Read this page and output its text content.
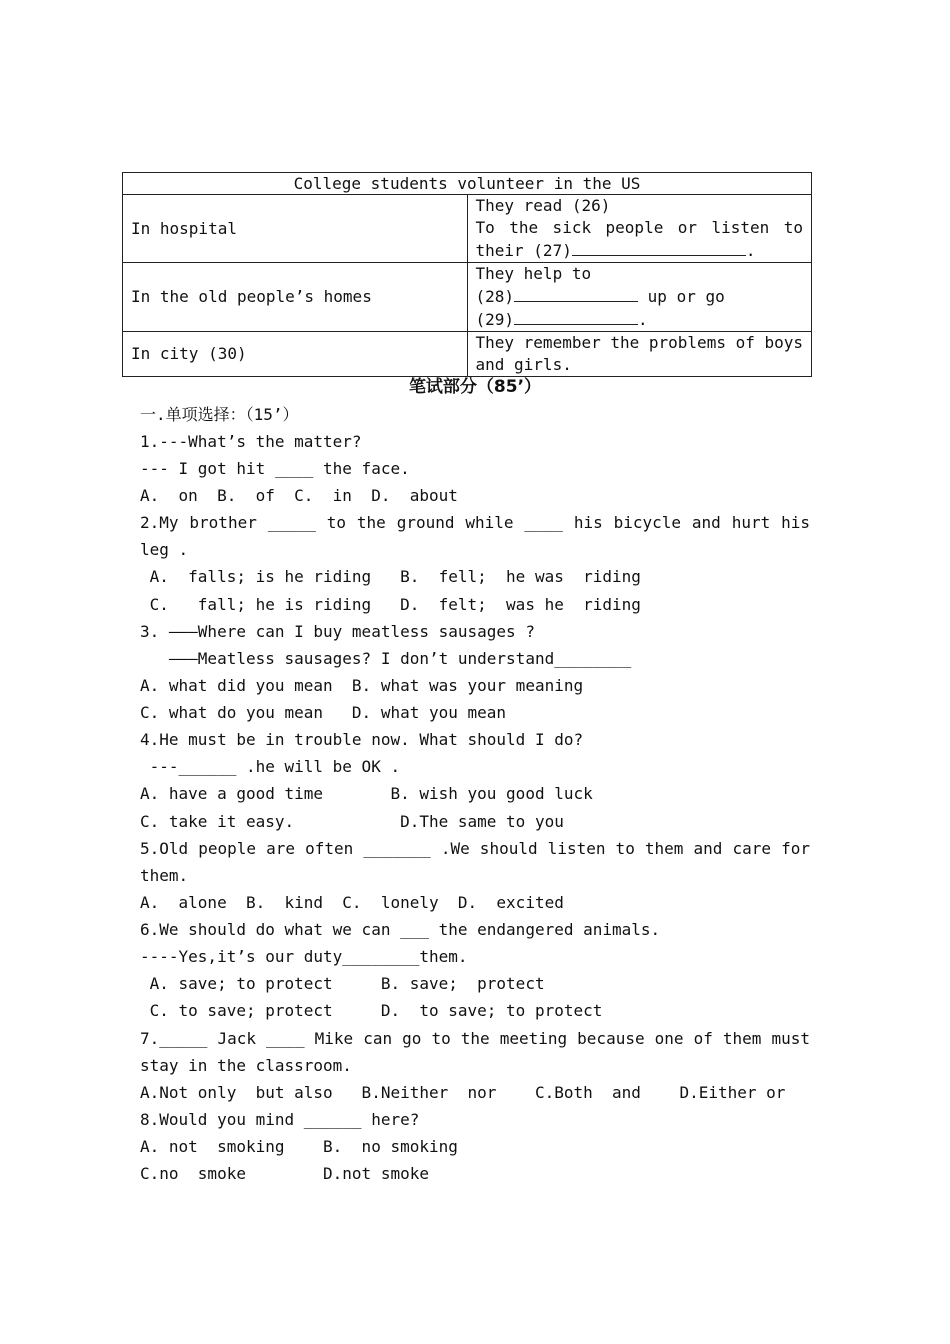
College students volunteer in the US	
In hospital	They read (26)
To the sick people or listen to
their (27) .

In the old people’s homes	They help to
(28) up or go
(29) .

In city (30)	They remember the problems of boys
and girls.
笔试部分（85’）
一.单项选择：（15’）
1.---What’s the matter?
--- I got hit ____ the face.
A.  on  B.  of  C.  in  D.  about
2.My brother _____ to the ground while ____ his bicycle and hurt his
leg .
A.  falls; is he riding   B.  fell;  he was  riding
C.   fall; he is riding   D.  felt;  was he  riding
3. ———Where can I buy meatless sausages ?
———Meatless sausages? I don’t understand________
A. what did you mean  B. what was your meaning
C. what do you mean   D. what you mean
4.He must be in trouble now. What should I do?
---______ .he will be OK .
A. have a good time       B. wish you good luck
C. take it easy.           D.The same to you
5.Old people are often _______ .We should listen to them and care for
them.
A.  alone  B.  kind  C.  lonely  D.  excited
6.We should do what we can ___ the endangered animals.
----Yes,it’s our duty________them.
A. save; to protect     B. save;  protect
C. to save; protect     D.  to save; to protect
7._____ Jack ____ Mike can go to the meeting because one of them must
stay in the classroom.
A.Not only  but also   B.Neither  nor    C.Both  and    D.Either or
8.Would you mind ______ here?
A. not  smoking    B.  no smoking
C.no  smoke        D.not smoke
